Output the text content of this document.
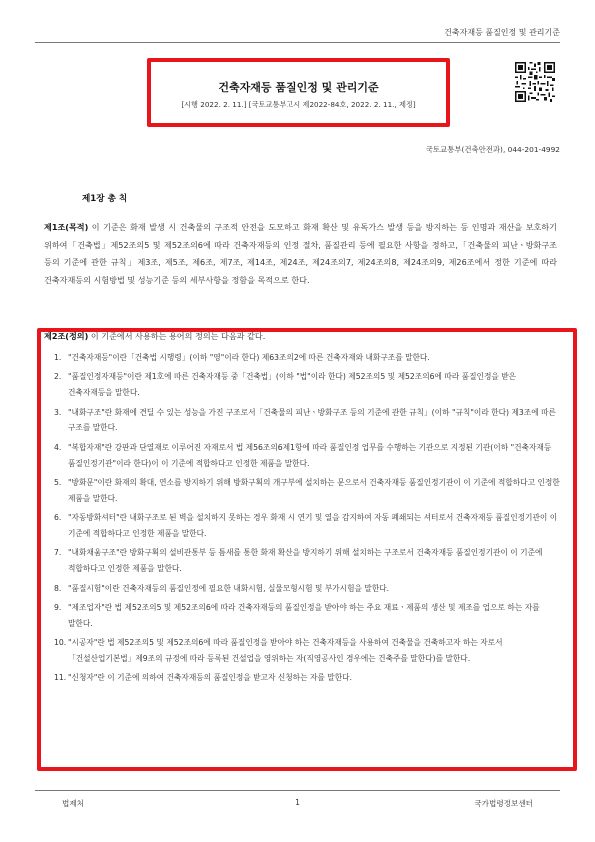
건축자재등 품질인정 및 관리기준
건축자재등 품질인정 및 관리기준
[시행 2022. 2. 11.] [국토교통부고시 제2022-84호, 2022. 2. 11., 제정]
국토교통부(건축안전과), 044-201-4992
제1장 총 칙
제1조(목적) 이 기준은 화재 발생 시 건축물의 구조적 안전을 도모하고 화재 확산 및 유독가스 발생 등을 방지하는 등 인명과 재산을 보호하기 위하여「건축법」제52조의5 및 제52조의6에 따라 건축자재등의 인정 절차, 품질관리 등에 필요한 사항을 정하고,「건축물의 피난ㆍ방화구조 등의 기준에 관한 규칙」제3조, 제5조, 제6조, 제7조, 제14조, 제24조, 제24조의7, 제24조의8, 제24조의9, 제26조에서 정한 기준에 따라 건축자재등의 시험방법 및 성능기준 등의 세부사항을 정함을 목적으로 한다.
제2조(정의) 이 기준에서 사용하는 용어의 정의는 다음과 같다.
1. "건축자재등"이란「건축법 시행령」(이하 "영"이라 한다) 제63조의2에 따른 건축자재와 내화구조를 말한다.
2. "품질인정자재등"이란 제1호에 따른 건축자재등 중「건축법」(이하 "법"이라 한다) 제52조의5 및 제52조의6에 따라 품질인정을 받은 건축자재등을 말한다.
3. "내화구조"란 화재에 견딜 수 있는 성능을 가진 구조로서「건축물의 피난ㆍ방화구조 등의 기준에 관한 규칙」(이하 "규칙"이라 한다) 제3조에 따른 구조를 말한다.
4. "복합자재"란 강판과 단열재로 이루어진 자재로서 법 제56조의6제1항에 따라 품질인정 업무를 수행하는 기관으로 지정된 기관(이하 "건축자재등 품질인정기관"이라 한다)이 이 기준에 적합하다고 인정한 제품을 말한다.
5. "방화문"이란 화재의 확대, 연소를 방지하기 위해 방화구획의 개구부에 설치하는 문으로서 건축자재등 품질인정기관이 이 기준에 적합하다고 인정한 제품을 말한다.
6. "자동방화셔터"란 내화구조로 된 벽을 설치하지 못하는 경우 화재 시 연기 및 열을 감지하여 자동 폐쇄되는 셔터로서 건축자재등 품질인정기관이 이 기준에 적합하다고 인정한 제품을 말한다.
7. "내화채움구조"란 방화구획의 설비관통부 등 틈새를 통한 화재 확산을 방지하기 위해 설치하는 구조로서 건축자재등 품질인정기관이 이 기준에 적합하다고 인정한 제품을 말한다.
8. "품질시험"이란 건축자재등의 품질인정에 필요한 내화시험, 실물모형시험 및 부가시험을 말한다.
9. "제조업자"란 법 제52조의5 및 제52조의6에 따라 건축자재등의 품질인정을 받아야 하는 주요 재료ㆍ제품의 생산 및 제조를 업으로 하는 자를 말한다.
10. "시공자"란 법 제52조의5 및 제52조의6에 따라 품질인정을 받아야 하는 건축자재등을 사용하여 건축물을 건축하고자 하는 자로서「건설산업기본법」제9조의 규정에 따라 등록된 건설업을 영위하는 자(직영공사인 경우에는 건축주를 말한다)를 말한다.
11. "신청자"란 이 기준에 의하여 건축자재등의 품질인정을 받고자 신청하는 자를 말한다.
법제처	1	국가법령정보센터
